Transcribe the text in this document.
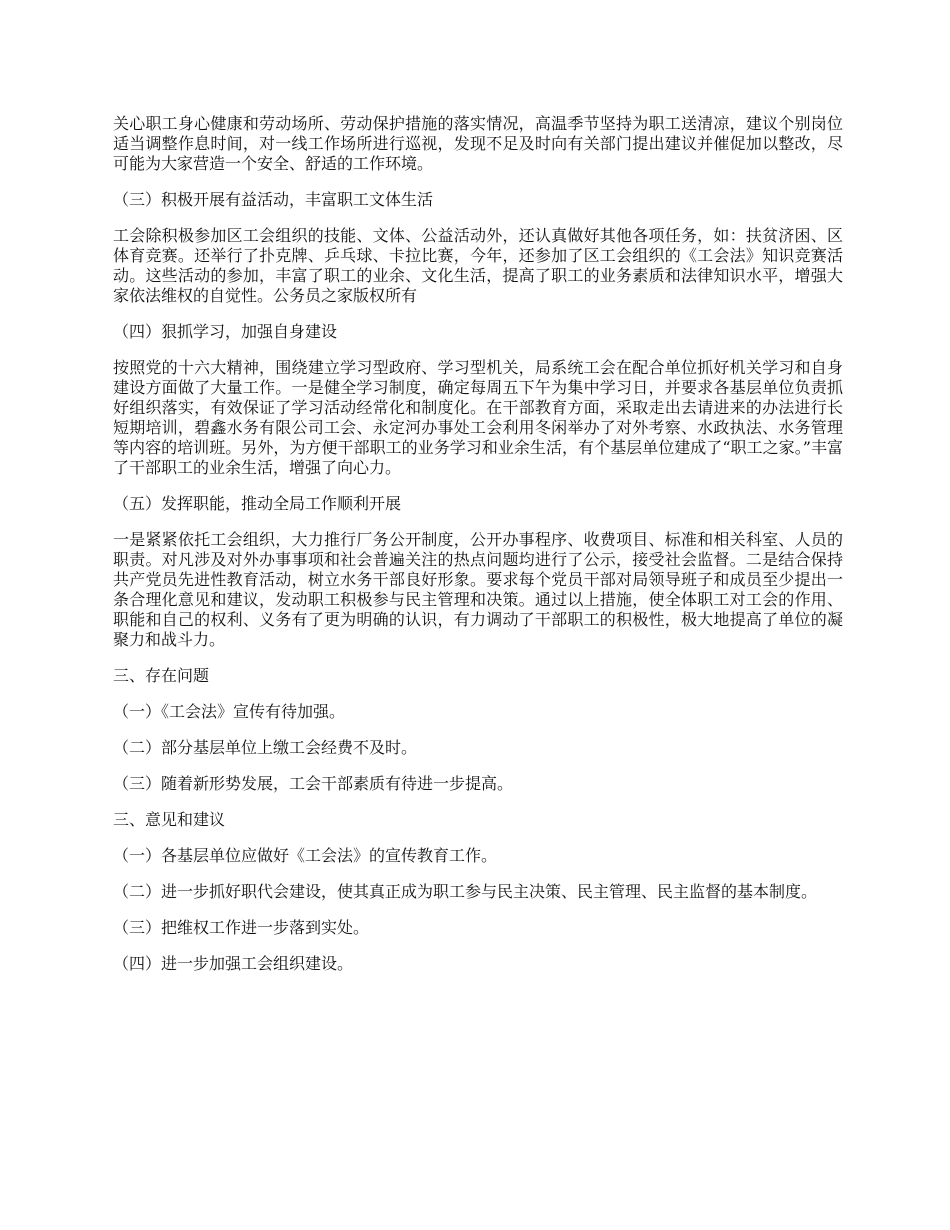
关心职工身心健康和劳动场所、劳动保护措施的落实情况，高温季节坚持为职工送清凉，建议个别岗位适当调整作息时间，对一线工作场所进行巡视，发现不足及时向有关部门提出建议并催促加以整改，尽可能为大家营造一个安全、舒适的工作环境。

（三）积极开展有益活动，丰富职工文体生活

工会除积极参加区工会组织的技能、文体、公益活动外，还认真做好其他各项任务，如：扶贫济困、区体育竞赛。还举行了扑克牌、乒乓球、卡拉比赛，今年，还参加了区工会组织的《工会法》知识竞赛活动。这些活动的参加，丰富了职工的业余、文化生活，提高了职工的业务素质和法律知识水平，增强大家依法维权的自觉性。公务员之家版权所有

（四）狠抓学习，加强自身建设

按照党的十六大精神，围绕建立学习型政府、学习型机关，局系统工会在配合单位抓好机关学习和自身建设方面做了大量工作。一是健全学习制度，确定每周五下午为集中学习日，并要求各基层单位负责抓好组织落实，有效保证了学习活动经常化和制度化。在干部教育方面，采取走出去请进来的办法进行长短期培训，碧鑫水务有限公司工会、永定河办事处工会利用冬闲举办了对外考察、水政执法、水务管理等内容的培训班。另外，为方便干部职工的业务学习和业余生活，有个基层单位建成了“职工之家。”丰富了干部职工的业余生活，增强了向心力。

（五）发挥职能，推动全局工作顺利开展

一是紧紧依托工会组织，大力推行厂务公开制度，公开办事程序、收费项目、标准和相关科室、人员的职责。对凡涉及对外办事事项和社会普遍关注的热点问题均进行了公示，接受社会监督。二是结合保持共产党员先进性教育活动，树立水务干部良好形象。要求每个党员干部对局领导班子和成员至少提出一条合理化意见和建议，发动职工积极参与民主管理和决策。通过以上措施，使全体职工对工会的作用、职能和自己的权利、义务有了更为明确的认识，有力调动了干部职工的积极性，极大地提高了单位的凝聚力和战斗力。

三、存在问题

（一）《工会法》宣传有待加强。

（二）部分基层单位上缴工会经费不及时。

（三）随着新形势发展，工会干部素质有待进一步提高。

三、意见和建议

（一）各基层单位应做好《工会法》的宣传教育工作。

（二）进一步抓好职代会建设，使其真正成为职工参与民主决策、民主管理、民主监督的基本制度。

（三）把维权工作进一步落到实处。

（四）进一步加强工会组织建设。
